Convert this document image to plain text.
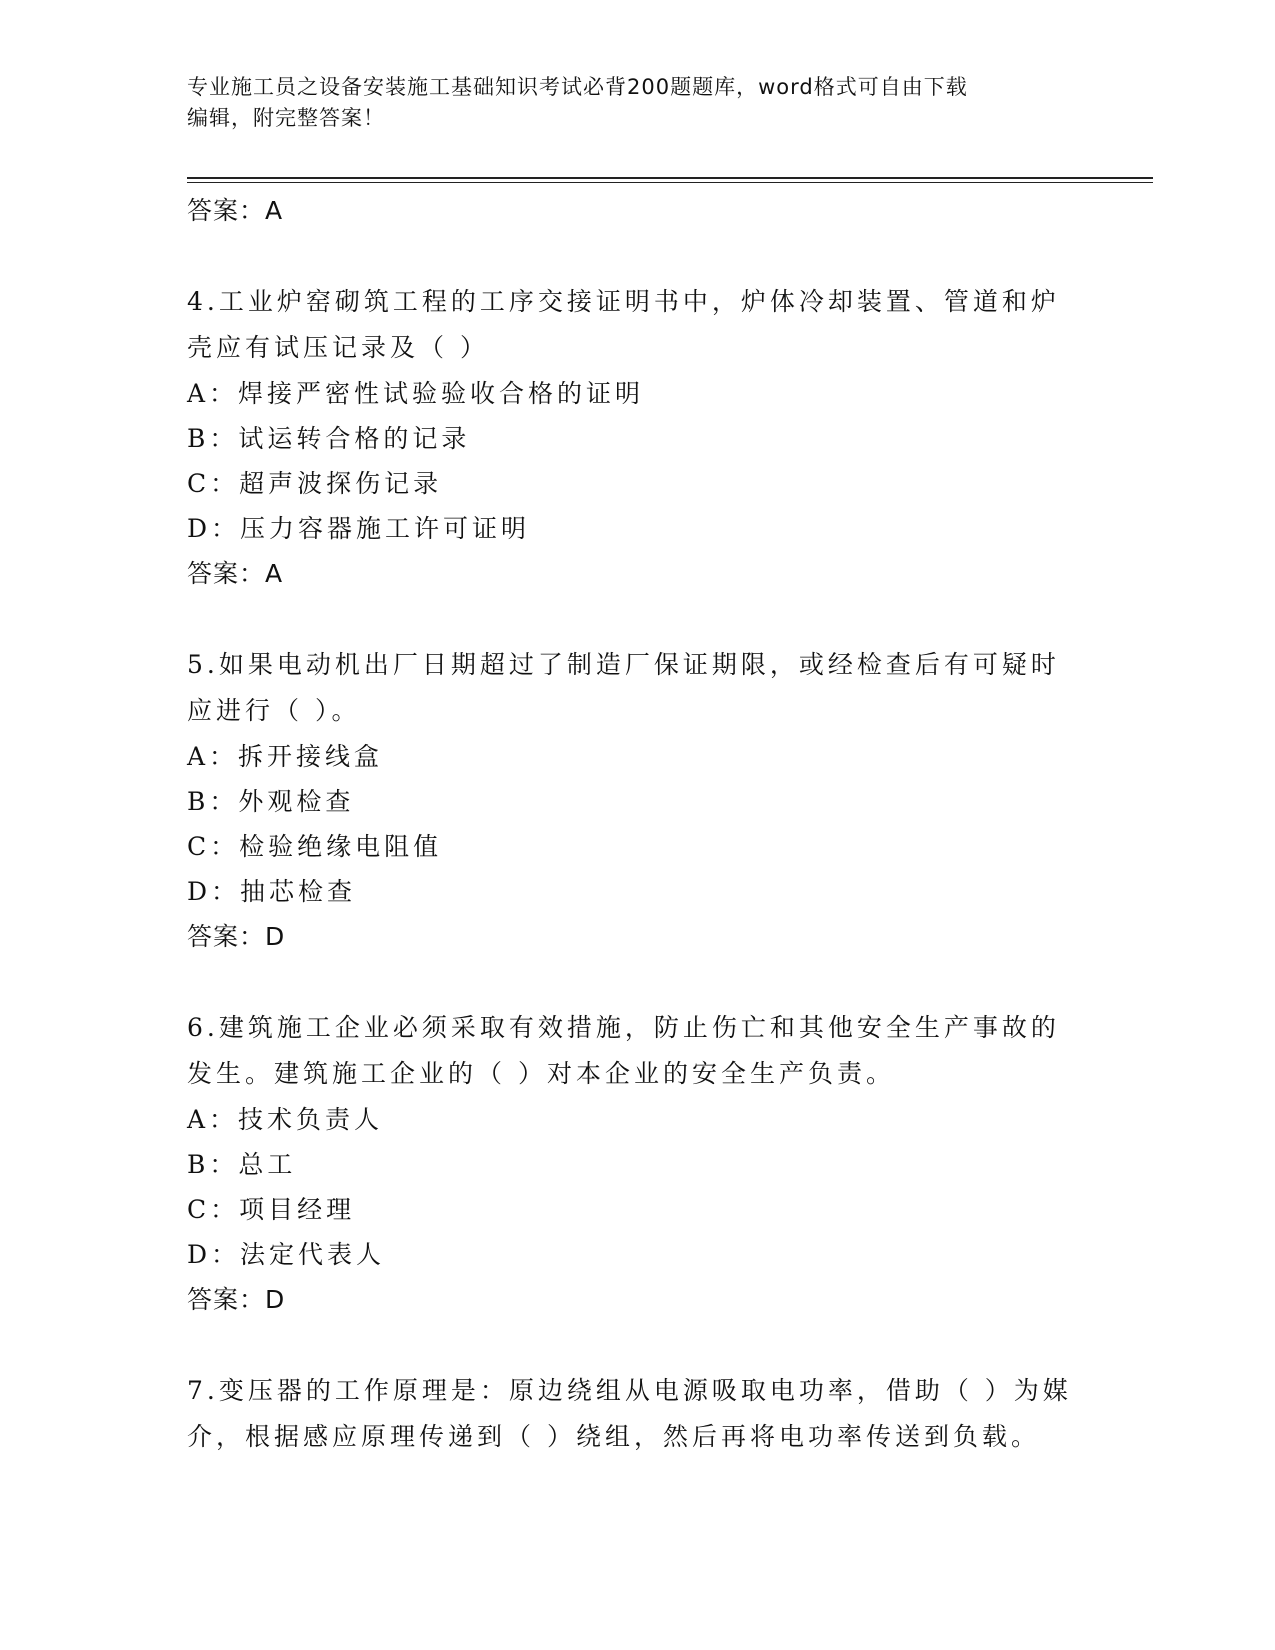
专业施工员之设备安装施工基础知识考试必背200题题库，word格式可自由下载
编辑，附完整答案！
答案：A
4.工业炉窑砌筑工程的工序交接证明书中，炉体冷却装置、管道和炉
壳应有试压记录及（ ）
A：焊接严密性试验验收合格的证明
B：试运转合格的记录
C：超声波探伤记录
D：压力容器施工许可证明
答案：A
5.如果电动机出厂日期超过了制造厂保证期限，或经检查后有可疑时
应进行（ ）。
A：拆开接线盒
B：外观检查
C：检验绝缘电阻值
D：抽芯检查
答案：D
6.建筑施工企业必须采取有效措施，防止伤亡和其他安全生产事故的
发生。建筑施工企业的（ ）对本企业的安全生产负责。
A：技术负责人
B：总工
C：项目经理
D：法定代表人
答案：D
7.变压器的工作原理是：原边绕组从电源吸取电功率，借助（ ）为媒
介，根据感应原理传递到（ ）绕组，然后再将电功率传送到负载。
